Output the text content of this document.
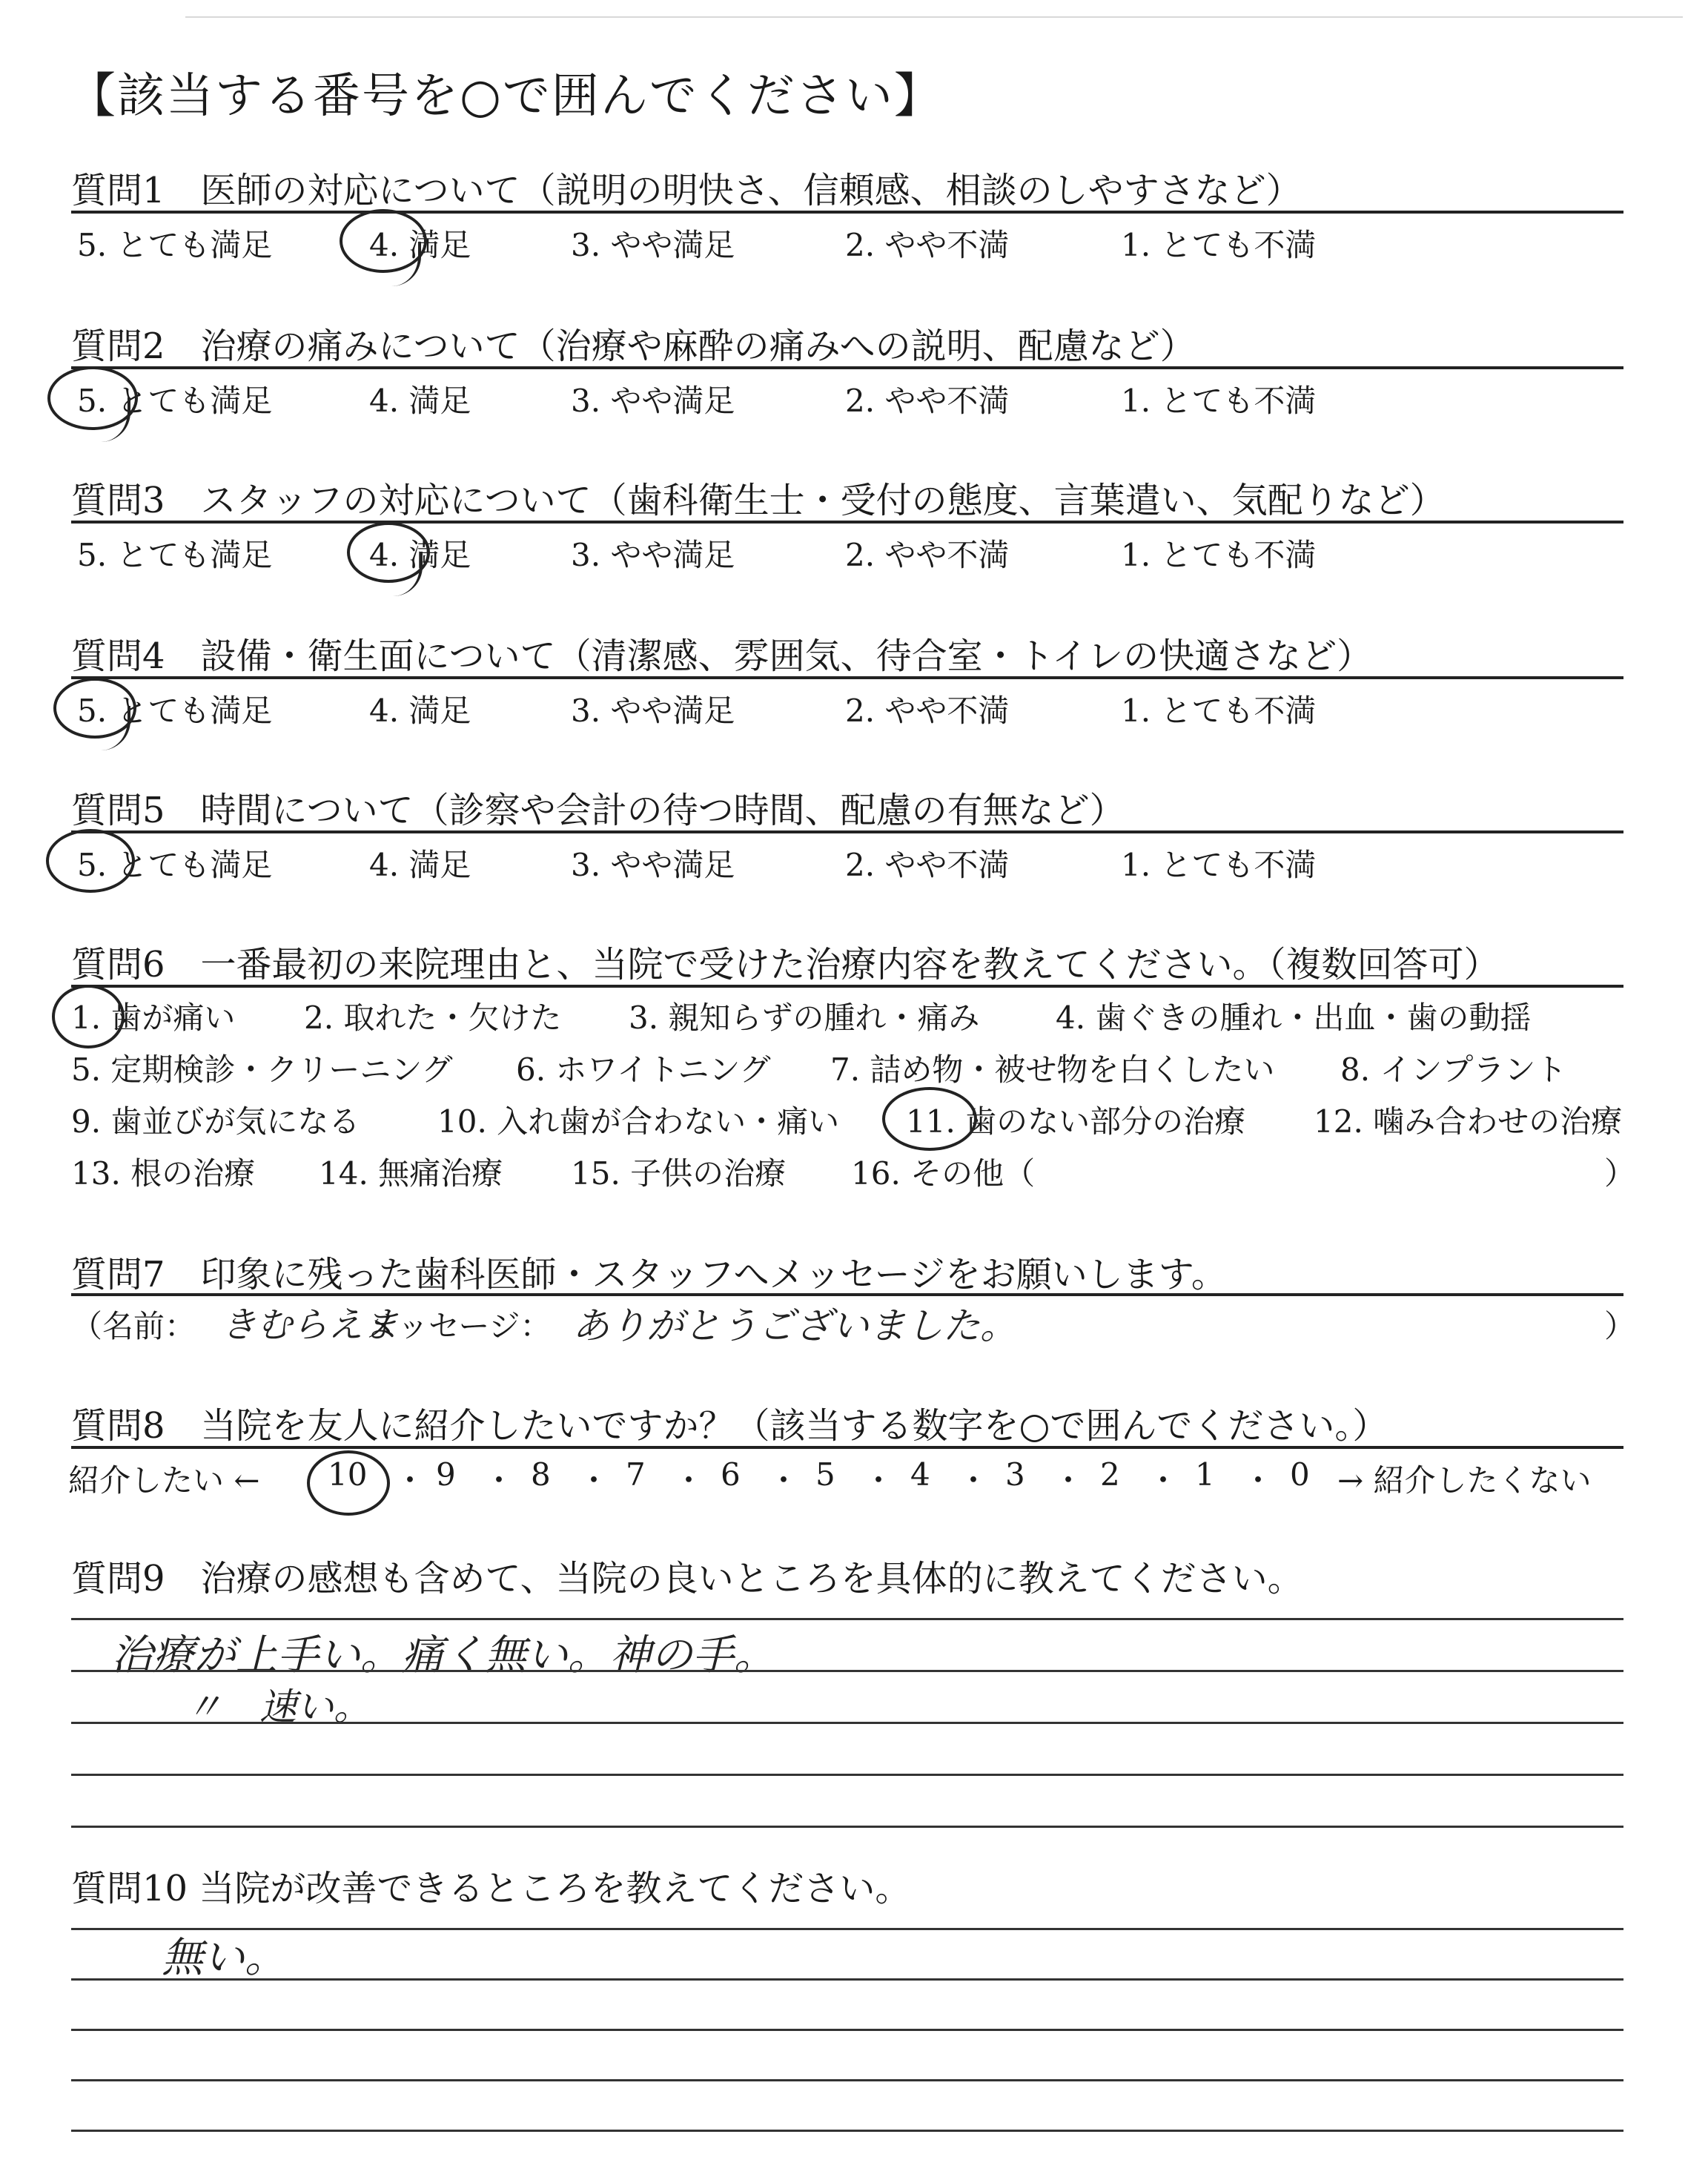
【該当する番号を○で囲んでください】
質問1　医師の対応について（説明の明快さ、信頼感、相談のしやすさなど）
5. とても満足	4. 満足	3. やや満足	2. やや不満	1. とても不満
質問2　治療の痛みについて（治療や麻酔の痛みへの説明、配慮など）
5. とても満足	4. 満足	3. やや満足	2. やや不満	1. とても不満
質問3　スタッフの対応について（歯科衛生士・受付の態度、言葉遣い、気配りなど）
5. とても満足	4. 満足	3. やや満足	2. やや不満	1. とても不満
質問4　設備・衛生面について（清潔感、雰囲気、待合室・トイレの快適さなど）
5. とても満足	4. 満足	3. やや満足	2. やや不満	1. とても不満
質問5　時間について（診察や会計の待つ時間、配慮の有無など）
5. とても満足	4. 満足	3. やや満足	2. やや不満	1. とても不満
質問6　一番最初の来院理由と、当院で受けた治療内容を教えてください。（複数回答可）
1. 歯が痛い 2. 取れた・欠けた 3. 親知らずの腫れ・痛み 4. 歯ぐきの腫れ・出血・歯の動揺
5. 定期検診・クリーニング 6. ホワイトニング 7. 詰め物・被せ物を白くしたい 8. インプラント
9. 歯並びが気になる 10. 入れ歯が合わない・痛い 11. 歯のない部分の治療 12. 噛み合わせの治療
13. 根の治療 14. 無痛治療 15. 子供の治療 16. その他（	）
質問7　印象に残った歯科医師・スタッフへメッセージをお願いします。
（名前： きむらえま
メッセージ： ありがとうございました。	）
質問8　当院を友人に紹介したいですか？（該当する数字を○で囲んでください。）
紹介したい ← 10 ・ 9 ・ 8 ・ 7 ・ 6 ・ 5 ・ 4 ・ 3 ・ 2 ・ 1 ・ 0 → 紹介したくない
質問9　治療の感想も含めて、当院の良いところを具体的に教えてください。
治療が上手い。痛く無い。神の手。
〃　速い。
質問10 当院が改善できるところを教えてください。
無い。
